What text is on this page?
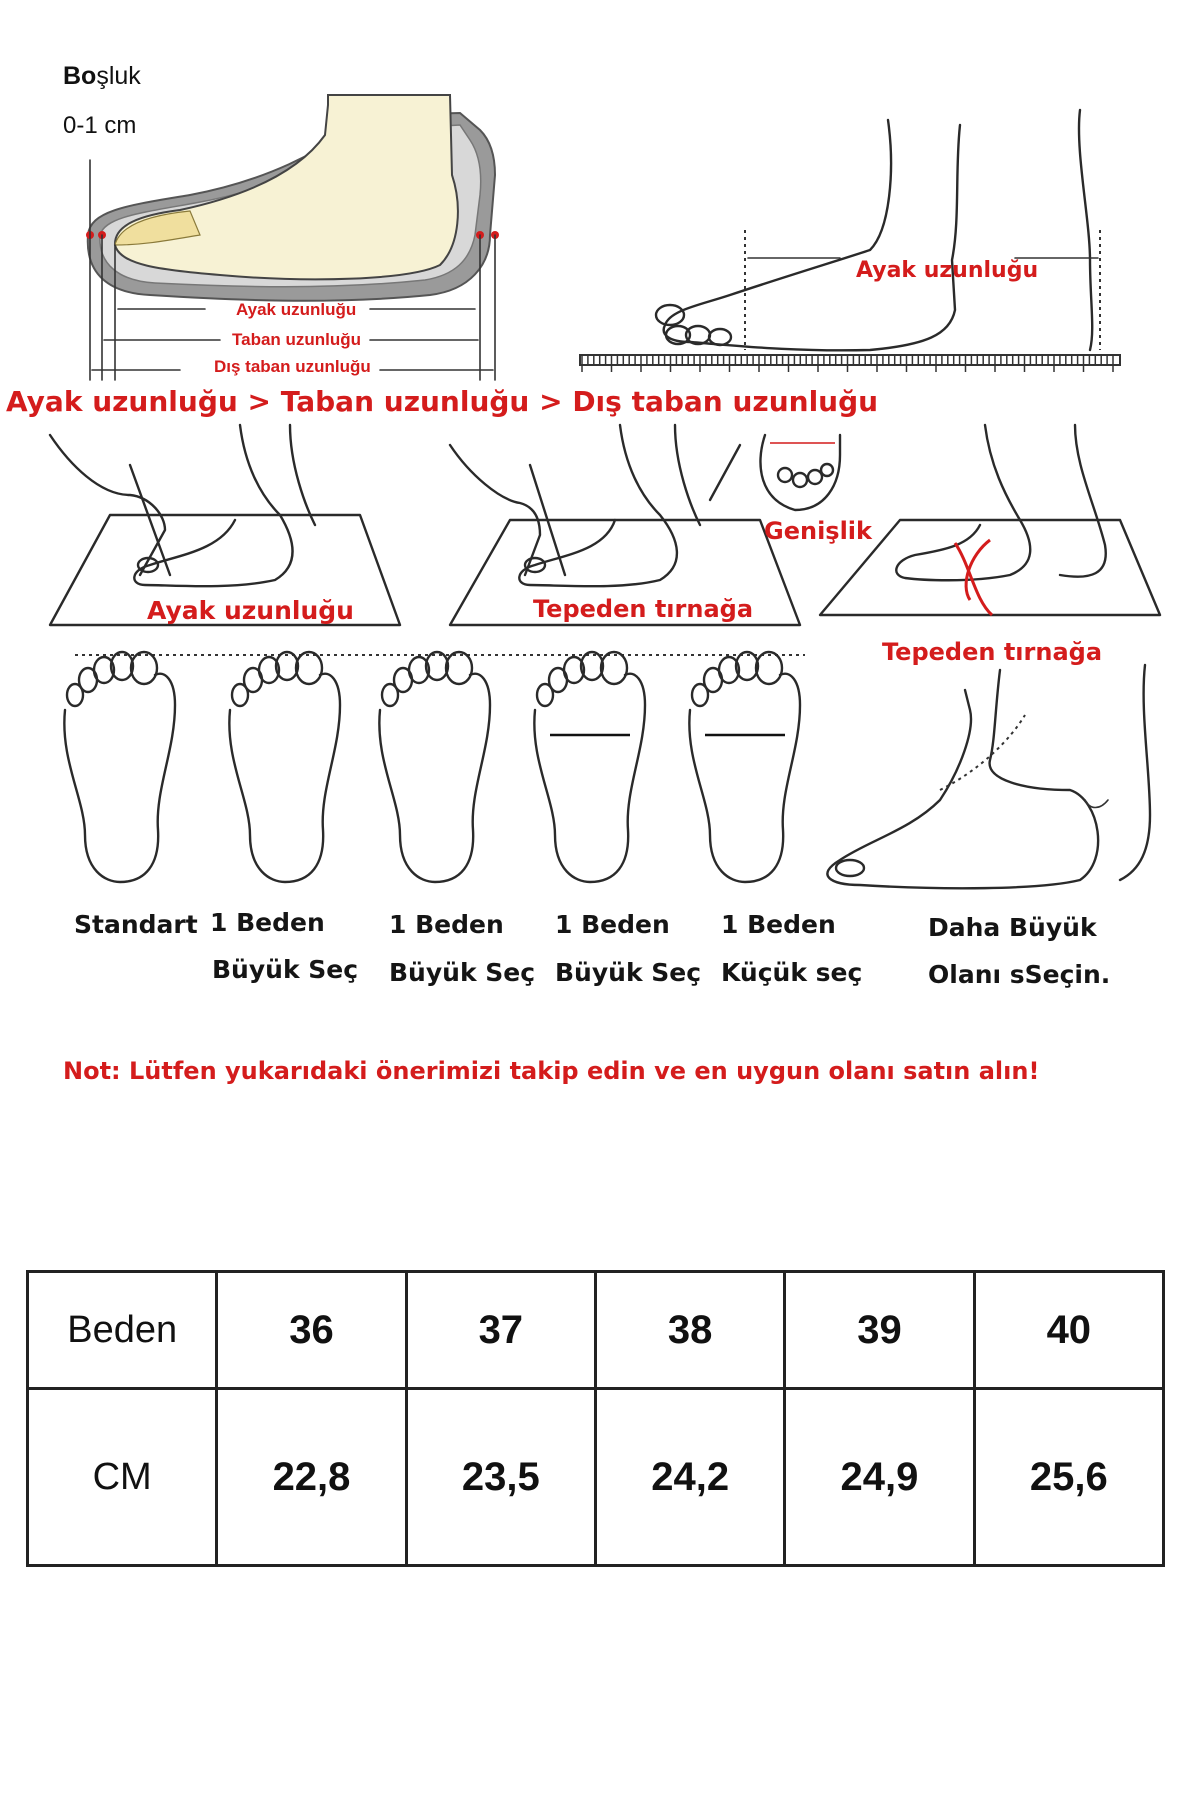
Boşluk
0-1 cm
Ayak uzunluğu
Taban uzunluğu
Dış taban uzunluğu
Ayak uzunluğu
Ayak uzunluğu > Taban uzunluğu > Dış taban uzunluğu
Ayak uzunluğu	Tepeden tırnağa
Genişlik
Tepeden tırnağa
Standart 1 Beden
Büyük Seç
1 Beden
Büyük Seç
1 Beden
Büyük Seç
1 Beden
Küçük seç
Daha Büyük
Olanı sSeçin.
Not: Lütfen yukarıdaki önerimizi takip edin ve en uygun olanı satın alın!
Beden	36	37	38	39	40
CM	22,8	23,5	24,2	24,9	25,6
